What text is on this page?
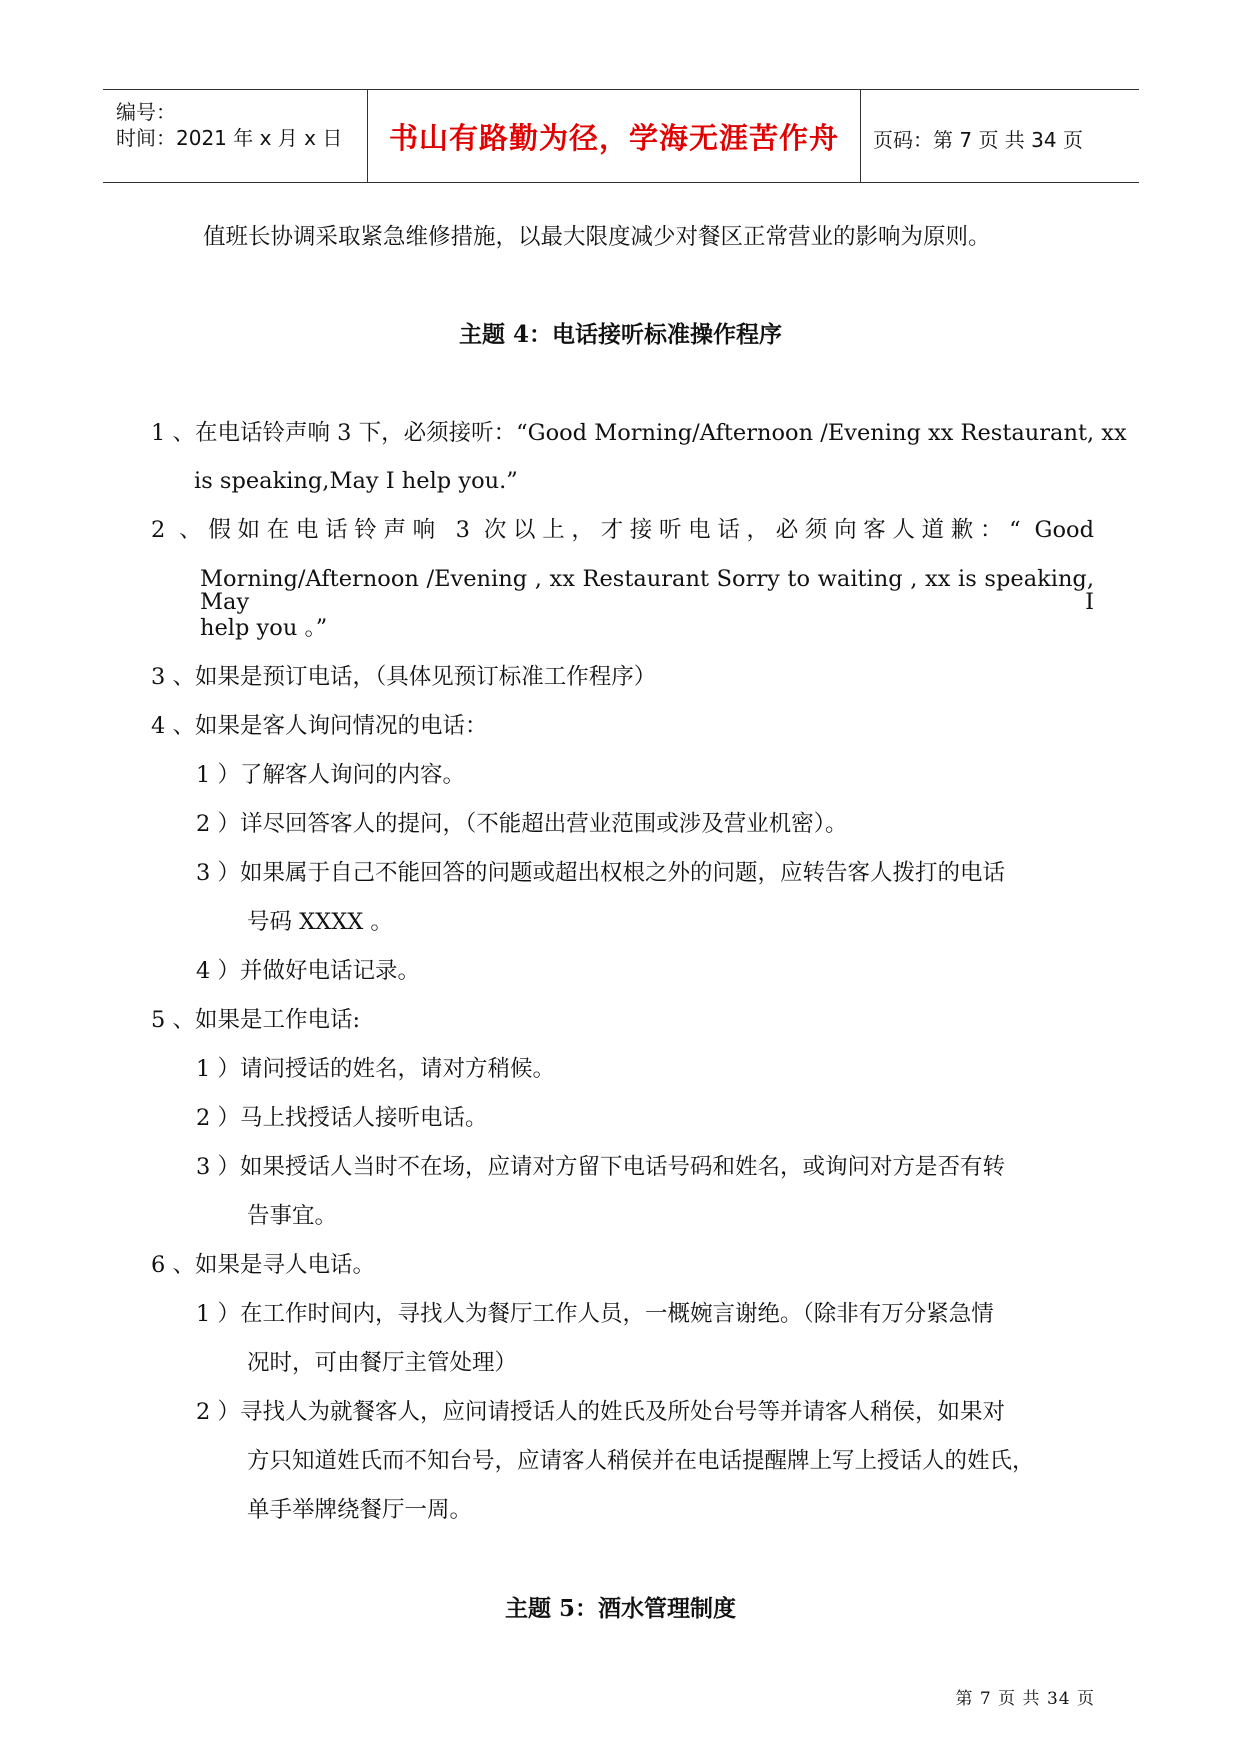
编号：
时间：2021 年 x 月 x 日	书山有路勤为径，学海无涯苦作舟	页码：第 7 页 共 34 页
值班长协调采取紧急维修措施，以最大限度减少对餐区正常营业的影响为原则。
主题 4：电话接听标准操作程序
1 、在电话铃声响 3 下，必须接听：“Good Morning/Afternoon /Evening xx Restaurant, xx
is speaking,May I help you.”
2 、假如在电话铃声响 3 次以上，才接听电话，必须向客人道歉：“ Good
Morning/Afternoon /Evening , xx Restaurant Sorry to waiting , xx is speaking, May I
help you 。”
3 、如果是预订电话，（具体见预订标准工作程序）
4 、如果是客人询问情况的电话：
1 ）了解客人询问的内容。
2 ）详尽回答客人的提问，（不能超出营业范围或涉及营业机密）。
3 ）如果属于自己不能回答的问题或超出权根之外的问题，应转告客人拨打的电话
号码 XXXX 。
4 ）并做好电话记录。
5 、如果是工作电话:
1 ）请问授话的姓名，请对方稍候。
2 ）马上找授话人接听电话。
3 ）如果授话人当时不在场，应请对方留下电话号码和姓名，或询问对方是否有转
告事宜。
6 、如果是寻人电话。
1 ）在工作时间内，寻找人为餐厅工作人员，一概婉言谢绝。（除非有万分紧急情
况时，可由餐厅主管处理）
2 ）寻找人为就餐客人，应问请授话人的姓氏及所处台号等并请客人稍侯，如果对
方只知道姓氏而不知台号，应请客人稍侯并在电话提醒牌上写上授话人的姓氏，
单手举牌绕餐厅一周。
主题 5：酒水管理制度
第 7 页 共 34 页
